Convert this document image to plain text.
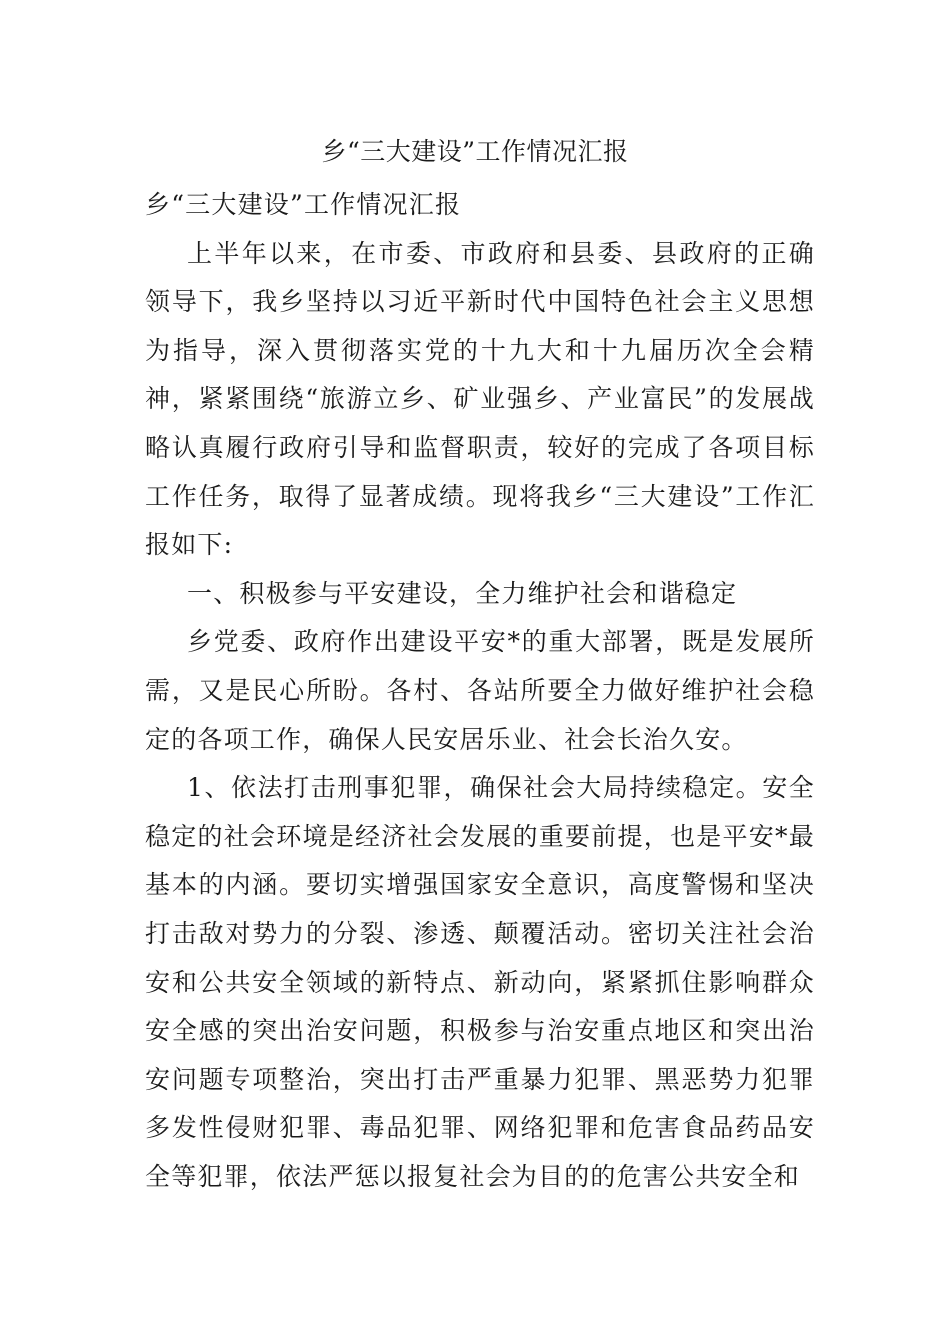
乡“三大建设”工作情况汇报

乡“三大建设”工作情况汇报

上半年以来，在市委、市政府和县委、县政府的正确领导下，我乡坚持以习近平新时代中国特色社会主义思想为指导，深入贯彻落实党的十九大和十九届历次全会精神，紧紧围绕“旅游立乡、矿业强乡、产业富民”的发展战略认真履行政府引导和监督职责，较好的完成了各项目标工作任务，取得了显著成绩。现将我乡“三大建设”工作汇报如下:

一、积极参与平安建设，全力维护社会和谐稳定

乡党委、政府作出建设平安*的重大部署，既是发展所需，又是民心所盼。各村、各站所要全力做好维护社会稳定的各项工作，确保人民安居乐业、社会长治久安。

1、依法打击刑事犯罪，确保社会大局持续稳定。安全稳定的社会环境是经济社会发展的重要前提，也是平安*最基本的内涵。要切实增强国家安全意识，高度警惕和坚决打击敌对势力的分裂、渗透、颠覆活动。密切关注社会治安和公共安全领域的新特点、新动向，紧紧抓住影响群众安全感的突出治安问题，积极参与治安重点地区和突出治安问题专项整治，突出打击严重暴力犯罪、黑恶势力犯罪多发性侵财犯罪、毒品犯罪、网络犯罪和危害食品药品安全等犯罪，依法严惩以报复社会为目的的危害公共安全和
